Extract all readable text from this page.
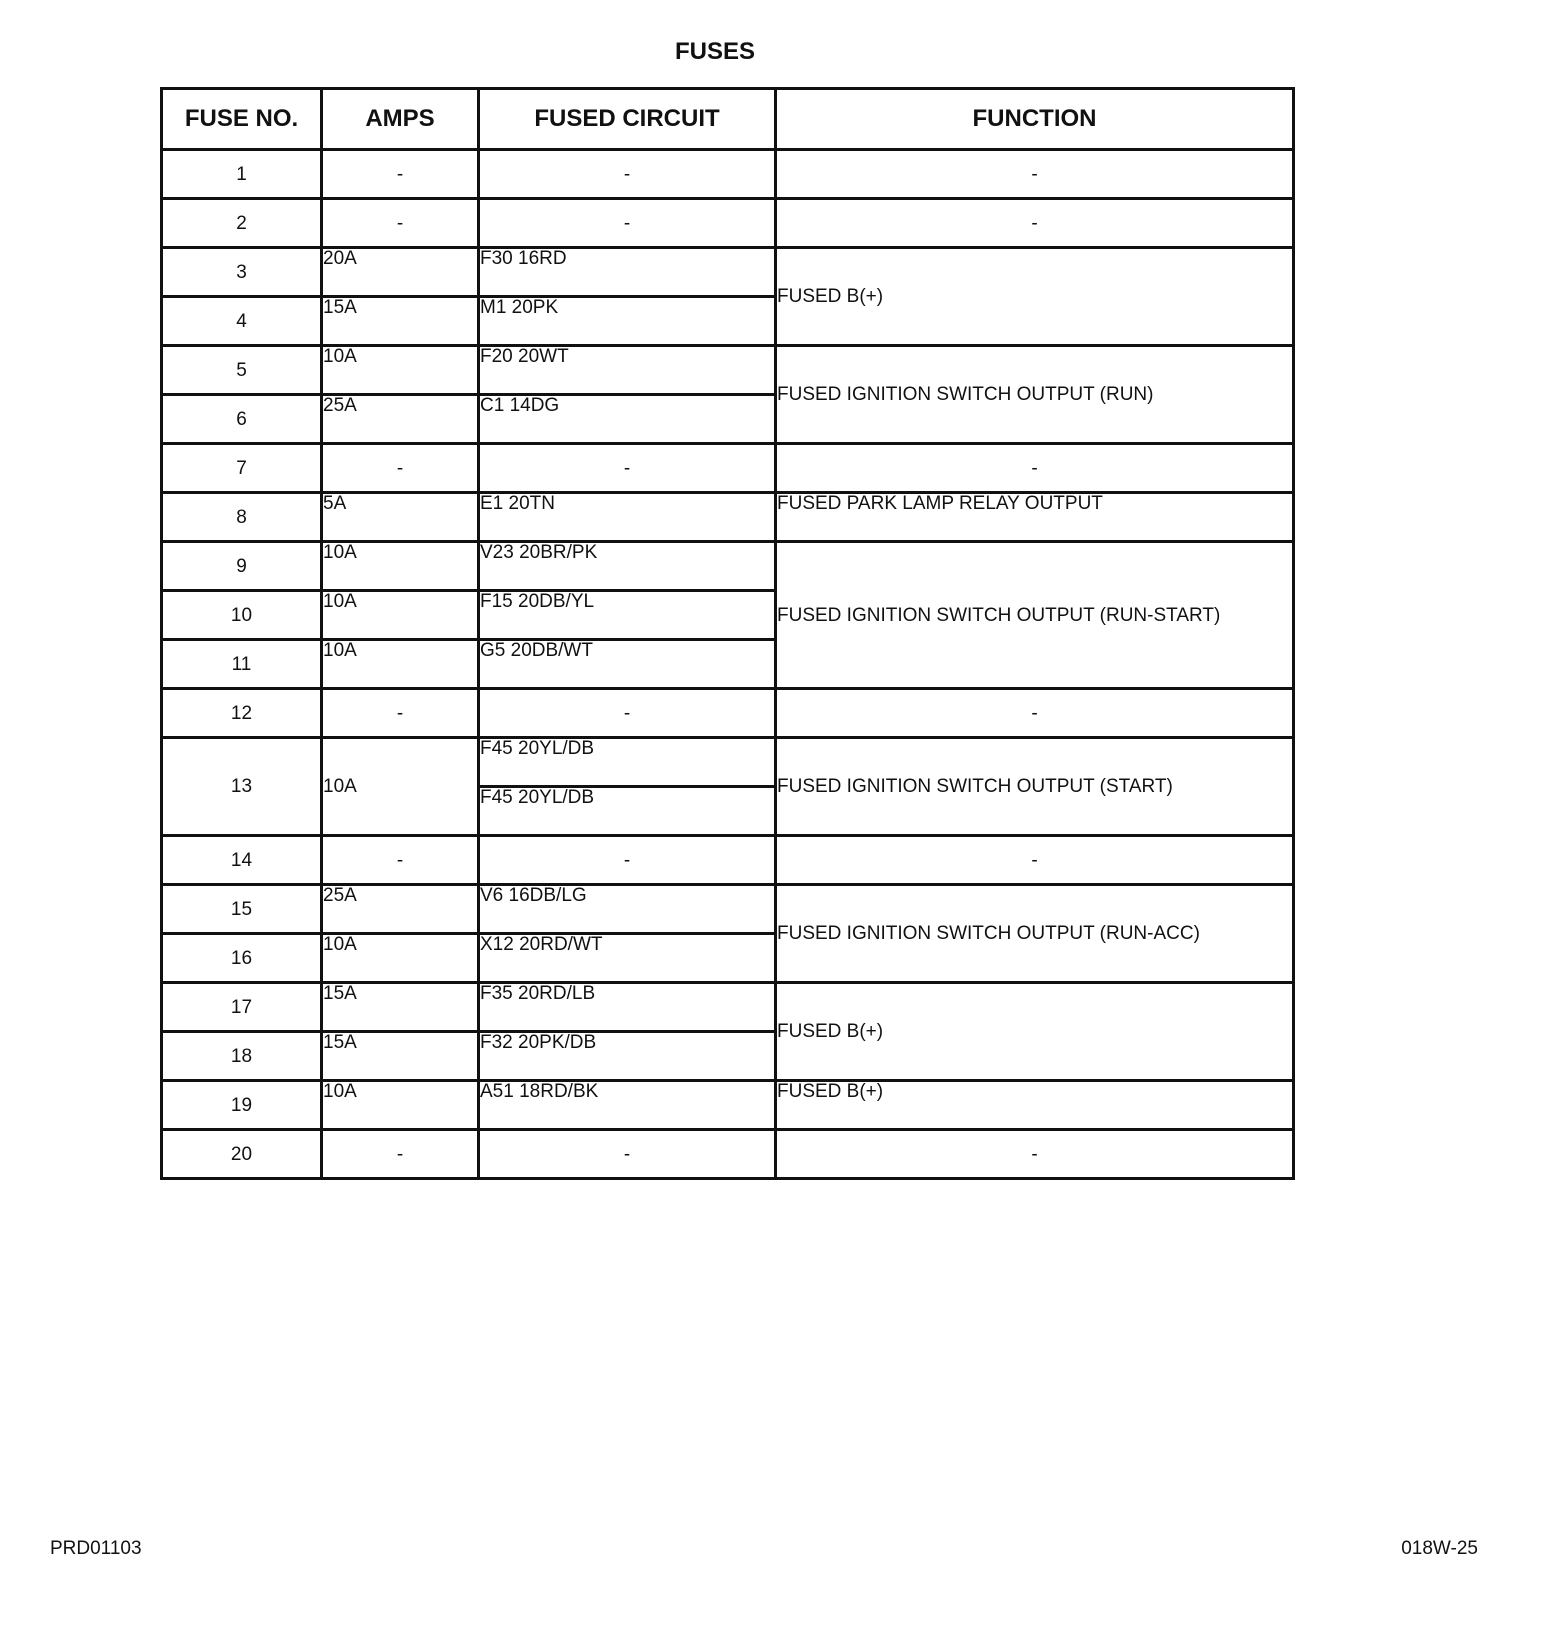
FUSES
FUSE NO.	AMPS	FUSED CIRCUIT	FUNCTION
1	-	-	-
2	-	-	-
3	20A	F30 16RD	FUSED B(+)
4	15A	M1 20PK	
5	10A	F20 20WT	FUSED IGNITION SWITCH OUTPUT (RUN)
6	25A	C1 14DG	
7	-	-	-
8	5A	E1 20TN	FUSED PARK LAMP RELAY OUTPUT
9	10A	V23 20BR/PK	FUSED IGNITION SWITCH OUTPUT (RUN-START)
10	10A	F15 20DB/YL	
11	10A	G5 20DB/WT	
12	-	-	-
13	10A	F45 20YL/DB	FUSED IGNITION SWITCH OUTPUT (START)
		F45 20YL/DB	
14	-	-	-
15	25A	V6 16DB/LG	FUSED IGNITION SWITCH OUTPUT (RUN-ACC)
16	10A	X12 20RD/WT	
17	15A	F35 20RD/LB	FUSED B(+)
18	15A	F32 20PK/DB	
19	10A	A51 18RD/BK	FUSED B(+)
20	-	-	-
PRD01103	018W-25
